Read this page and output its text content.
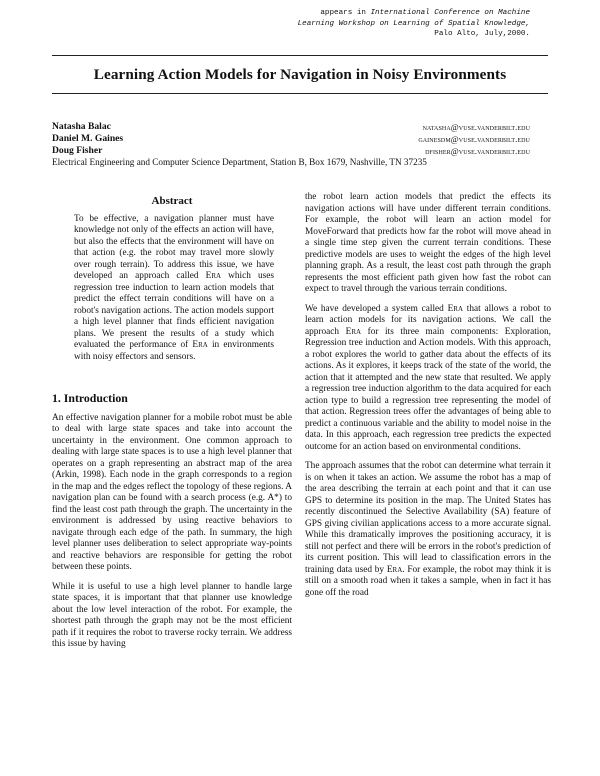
appears in International Conference on Machine
Learning Workshop on Learning of Spatial Knowledge,
Palo Alto, July,2000.
Learning Action Models for Navigation in Noisy Environments
Natasha Balac	natasha@vuse.vanderbilt.edu
Daniel M. Gaines	gainesdm@vuse.vanderbilt.edu
Doug Fisher	dfisher@vuse.vanderbilt.edu
Electrical Engineering and Computer Science Department, Station B, Box 1679, Nashville, TN 37235
Abstract

To be effective, a navigation planner must have knowledge not only of the effects an action will have, but also the effects that the environment will have on that action (e.g. the robot may travel more slowly over rough terrain). To address this issue, we have developed an approach called Era which uses regression tree induction to learn action models that predict the effect terrain conditions will have on a robot's navigation actions. The action models support a high level planner that finds efficient navigation plans. We present the results of a study which evaluated the performance of Era in environments with noisy effectors and sensors.

1. Introduction

An effective navigation planner for a mobile robot must be able to deal with large state spaces and take into account the uncertainty in the environment. One common approach to dealing with large state spaces is to use a high level planner that operates on a graph representing an abstract map of the area (Arkin, 1998). Each node in the graph corresponds to a region in the map and the edges reflect the topology of these regions. A navigation plan can be found with a search process (e.g. A*) to find the least cost path through the graph. The uncertainty in the environment is addressed by using reactive behaviors to navigate through each edge of the path. In summary, the high level planner uses deliberation to select appropriate way-points and reactive behaviors are responsible for getting the robot between these points.

While it is useful to use a high level planner to handle large state spaces, it is important that that planner use knowledge about the low level interaction of the robot. For example, the shortest path through the graph may not be the most efficient path if it requires the robot to traverse rocky terrain. We address this issue by having

the robot learn action models that predict the effects its navigation actions will have under different terrain conditions. For example, the robot will learn an action model for MoveForward that predicts how far the robot will move ahead in a single time step given the current terrain conditions. These predictive models are uses to weight the edges of the high level planning graph. As a result, the least cost path through the graph represents the most efficient path given how fast the robot can expect to travel through the various terrain conditions.

We have developed a system called Era that allows a robot to learn action models for its navigation actions. We call the approach Era for its three main components: Exploration, Regression tree induction and Action models. With this approach, a robot explores the world to gather data about the effects of its actions. As it explores, it keeps track of the state of the world, the action that it attempted and the new state that resulted. We apply a regression tree induction algorithm to the data acquired for each action type to build a regression tree representing the model of that action. Regression trees offer the advantages of being able to predict a continuous variable and the ability to model noise in the data. In this approach, each regression tree predicts the expected outcome for an action based on environmental conditions.

The approach assumes that the robot can determine what terrain it is on when it takes an action. We assume the robot has a map of the area describing the terrain at each point and that it can use GPS to determine its position in the map. The United States has recently discontinued the Selective Availability (SA) feature of GPS giving civilian applications access to a more accurate signal. While this dramatically improves the positioning accuracy, it is still not perfect and there will be errors in the robot's prediction of its current position. This will lead to classification errors in the training data used by Era. For example, the robot may think it is still on a smooth road when it takes a sample, when in fact it has gone off the road
